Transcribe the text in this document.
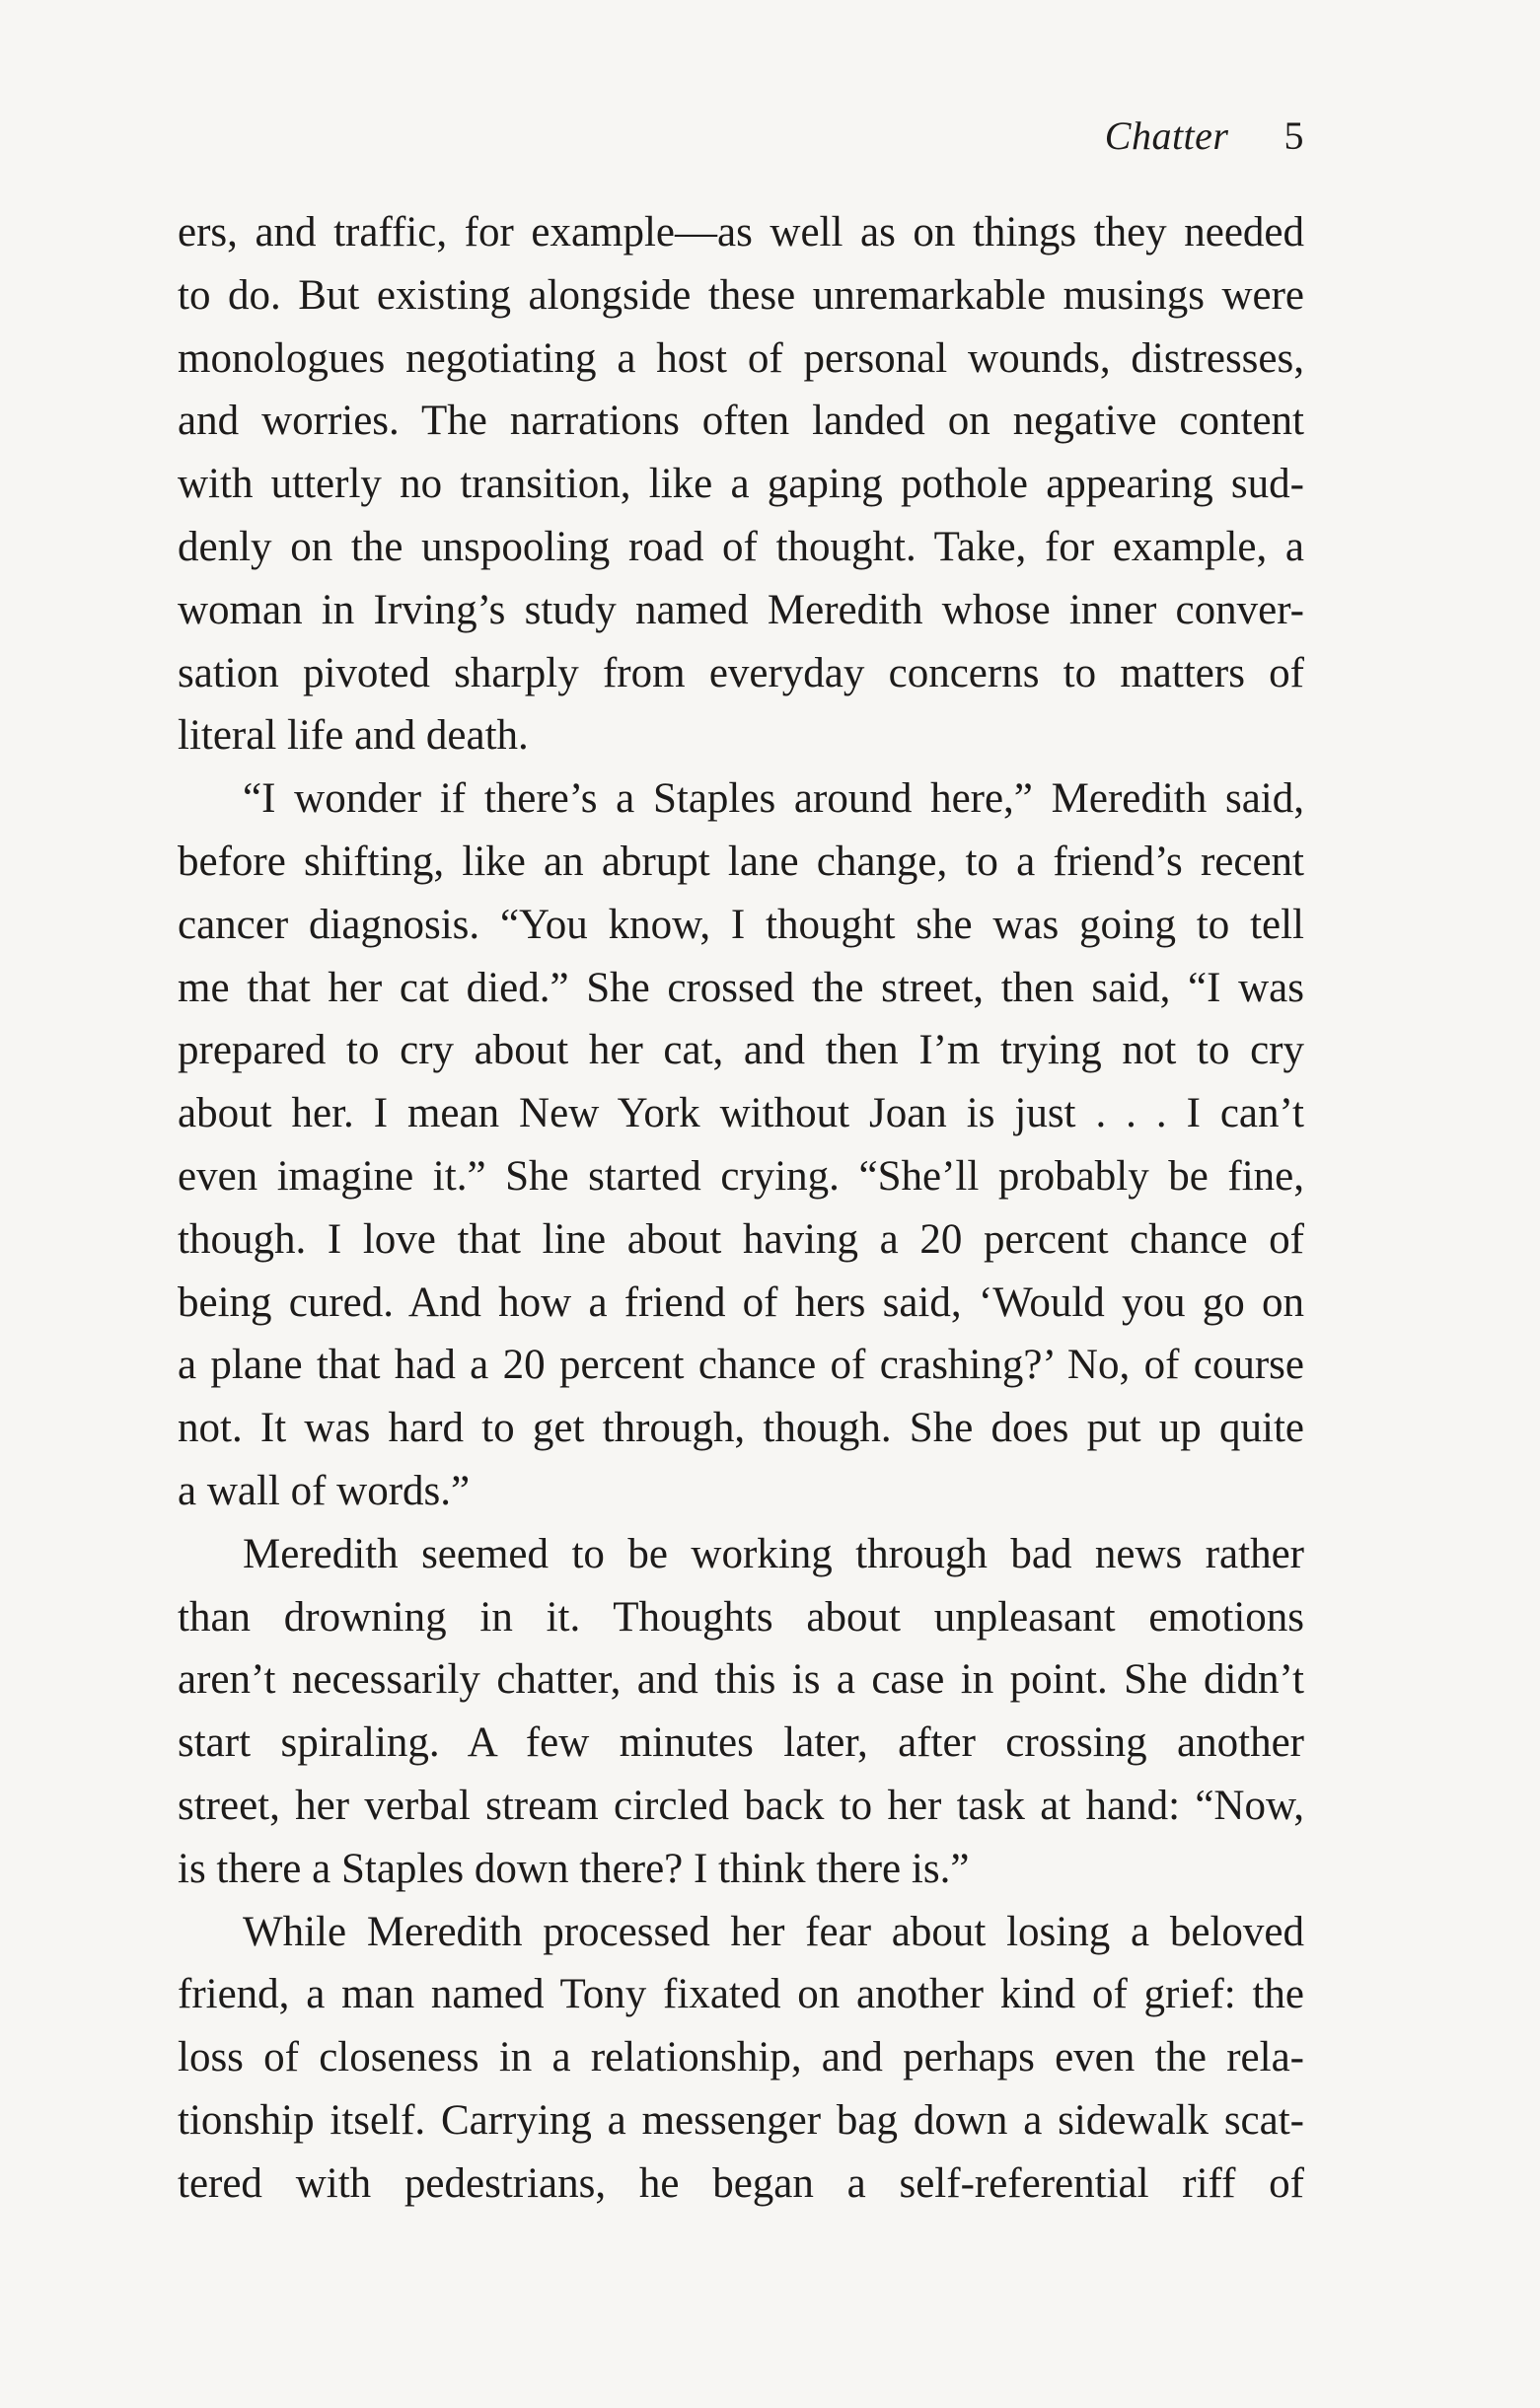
Chatter 5

ers, and traffic, for example—as well as on things they needed
to do. But existing alongside these unremarkable musings were
monologues negotiating a host of personal wounds, distresses,
and worries. The narrations often landed on negative content
with utterly no transition, like a gaping pothole appearing sud-
denly on the unspooling road of thought. Take, for example, a
woman in Irving’s study named Meredith whose inner conver-
sation pivoted sharply from everyday concerns to matters of
literal life and death.

“I wonder if there’s a Staples around here,” Meredith said,
before shifting, like an abrupt lane change, to a friend’s recent
cancer diagnosis. “You know, I thought she was going to tell
me that her cat died.” She crossed the street, then said, “I was
prepared to cry about her cat, and then I’m trying not to cry
about her. I mean New York without Joan is just . . . I can’t
even imagine it.” She started crying. “She’ll probably be fine,
though. I love that line about having a 20 percent chance of
being cured. And how a friend of hers said, ‘Would you go on
a plane that had a 20 percent chance of crashing?’ No, of course
not. It was hard to get through, though. She does put up quite
a wall of words.”

Meredith seemed to be working through bad news rather
than drowning in it. Thoughts about unpleasant emotions
aren’t necessarily chatter, and this is a case in point. She didn’t
start spiraling. A few minutes later, after crossing another
street, her verbal stream circled back to her task at hand: “Now,
is there a Staples down there? I think there is.”

While Meredith processed her fear about losing a beloved
friend, a man named Tony fixated on another kind of grief: the
loss of closeness in a relationship, and perhaps even the rela-
tionship itself. Carrying a messenger bag down a sidewalk scat-
tered with pedestrians, he began a self-referential riff of
